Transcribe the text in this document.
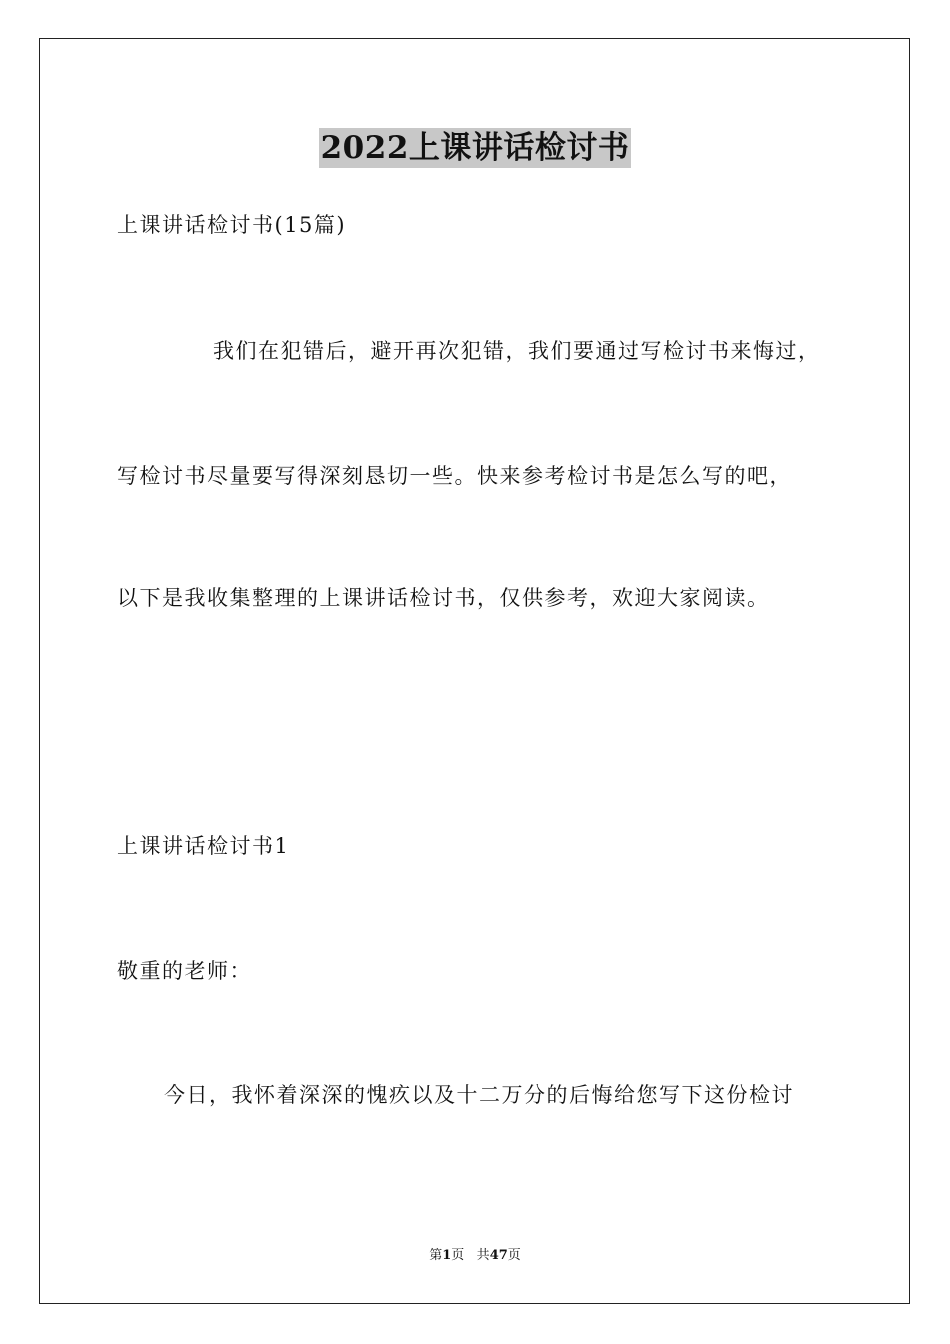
2022上课讲话检讨书
上课讲话检讨书(15篇)
我们在犯错后，避开再次犯错，我们要通过写检讨书来悔过，
写检讨书尽量要写得深刻恳切一些。快来参考检讨书是怎么写的吧，
以下是我收集整理的上课讲话检讨书，仅供参考，欢迎大家阅读。
上课讲话检讨书1
敬重的老师：
今日，我怀着深深的愧疚以及十二万分的后悔给您写下这份检讨
第1页 共47页
